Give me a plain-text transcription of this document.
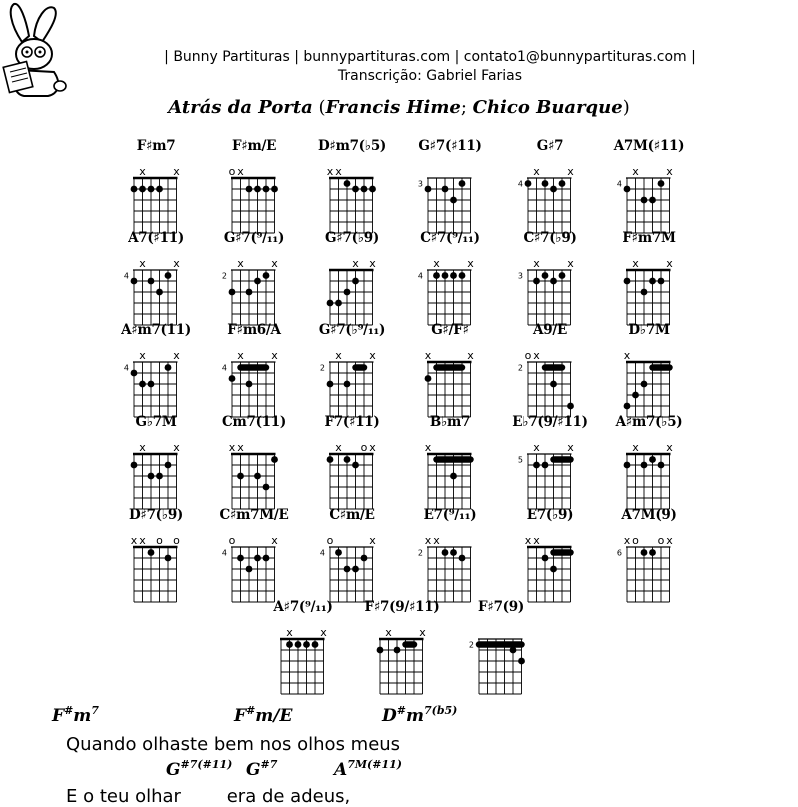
| Bunny Partituras | bunnypartituras.com | contato1@bunnypartituras.com |
Transcrição: Gabriel Farias
Atrás da Porta (Francis Hime; Chico Buarque)
F♯m7
x x
F♯m/E
o x
D♯m7(♭5)
x x
G♯7(♯11)
3
G♯7
x x
4
A7M(♯11)
x x
4
A7(♯11)
x x
4
G♯7(⁹/₁₁)
x x
2
G♯7(♭9)
x x
C♯7(⁹/₁₁)
x x
4
C♯7(♭9)
x x
3
F♯m7M
x x
A♯m7(11)
x x
4
F♯m6/A
x x
4
G♯7(♭⁹/₁₁)
x x
2
G♯/F♯
x	x
A9/E
o x
2
D♭7M
x
G♭7M
x x
Cm7(11)
x x
F7(♯11)
x o x
B♭m7
x
E♭7(9/♯11)
x x
5
A♯m7(♭5)
x x
D♯7(♭9)
x x o o
C♯m7M/E
o	x
4
C♯m/E
o	x
4
E7(⁹/₁₁)
x x
2
E7(♭9)
x x
A7M(9)
x o o x
6
A♯7(⁹/₁₁)
x x
F♯7(9/♯11)
x x
F♯7(9)
2
$F^{\#}m^7$	F#m/E	$D^{\#}m^{7(b5)}$
Quando olhaste bem nos olhos meus
$G^{\#7(\#11)}$ $G^{\#7}$	$A^{7M(\#11)}$
E o teu olhar        era de adeus,
